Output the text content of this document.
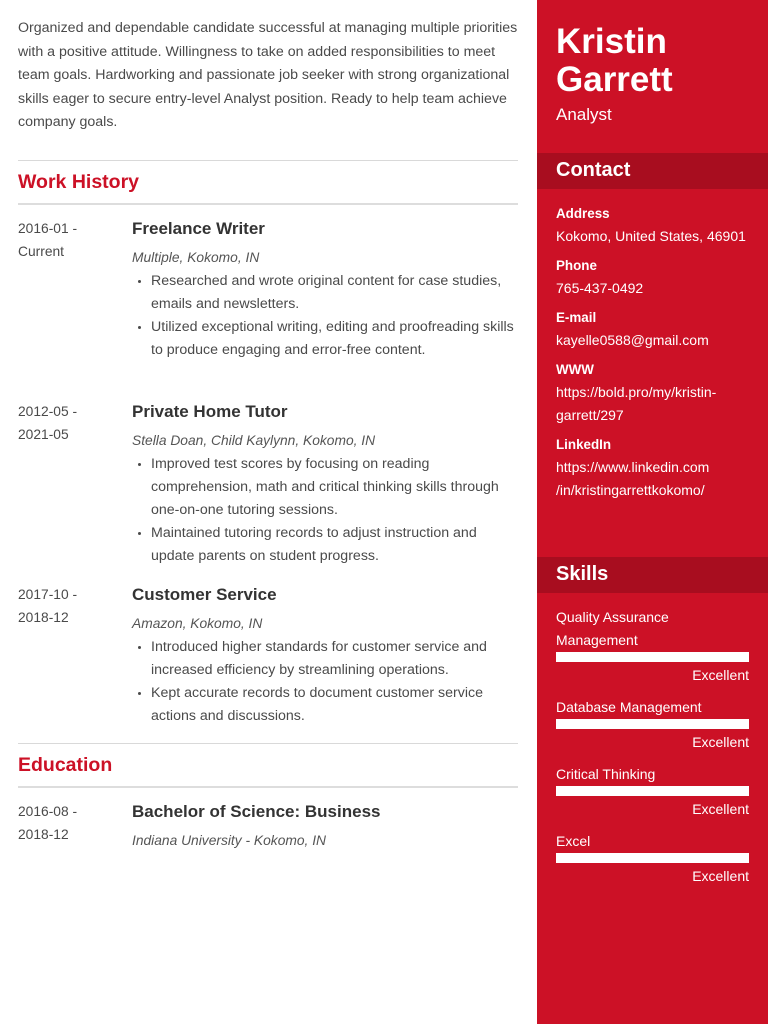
Organized and dependable candidate successful at managing multiple priorities with a positive attitude. Willingness to take on added responsibilities to meet team goals. Hardworking and passionate job seeker with strong organizational skills eager to secure entry-level Analyst position. Ready to help team achieve company goals.

Work History
2016-01 -
Current
Freelance Writer
Multiple, Kokomo, IN
• Researched and wrote original content for case studies, emails and newsletters.
• Utilized exceptional writing, editing and proofreading skills to produce engaging and error-free content.
2012-05 -
2021-05
Private Home Tutor
Stella Doan, Child Kaylynn, Kokomo, IN
• Improved test scores by focusing on reading comprehension, math and critical thinking skills through one-on-one tutoring sessions.
• Maintained tutoring records to adjust instruction and update parents on student progress.
2017-10 -
2018-12
Customer Service
Amazon, Kokomo, IN
• Introduced higher standards for customer service and increased efficiency by streamlining operations.
• Kept accurate records to document customer service actions and discussions.
Education
2016-08 -
2018-12
Bachelor of Science: Business
Indiana University - Kokomo, IN
Kristin
Garrett
Analyst
Contact
Address
Kokomo, United States, 46901
Phone
765-437-0492
E-mail
kayelle0588@gmail.com
WWW
https://bold.pro/my/kristin-garrett/297
LinkedIn
https://www.linkedin.com /in/kristingarrettkokomo/
Skills
Quality Assurance Management
Excellent
Database Management
Excellent
Critical Thinking
Excellent
Excel
Excellent
